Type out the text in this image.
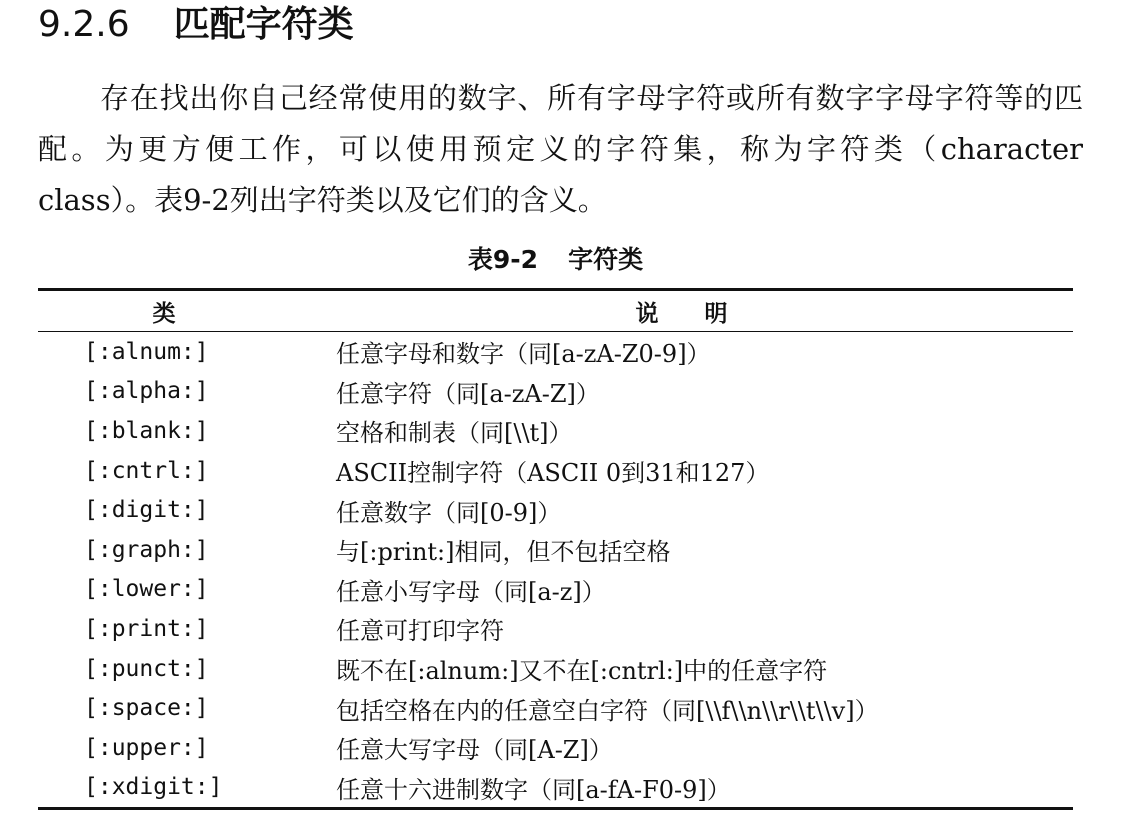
9.2.6 匹配字符类

存在找出你自己经常使用的数字、所有字母字符或所有数字字母字符等的匹配。为更方便工作，可以使用预定义的字符集，称为字符类（character class）。表9-2列出字符类以及它们的含义。

表9-2 字符类
类	说明
[:alnum:]	任意字母和数字（同[a-zA-Z0-9]）
[:alpha:]	任意字符（同[a-zA-Z]）
[:blank:]	空格和制表（同[\\t]）
[:cntrl:]	ASCII控制字符（ASCII 0到31和127）
[:digit:]	任意数字（同[0-9]）
[:graph:]	与[:print:]相同，但不包括空格
[:lower:]	任意小写字母（同[a-z]）
[:print:]	任意可打印字符
[:punct:]	既不在[:alnum:]又不在[:cntrl:]中的任意字符
[:space:]	包括空格在内的任意空白字符（同[\\f\\n\\r\\t\\v]）
[:upper:]	任意大写字母（同[A-Z]）
[:xdigit:]	任意十六进制数字（同[a-fA-F0-9]）
